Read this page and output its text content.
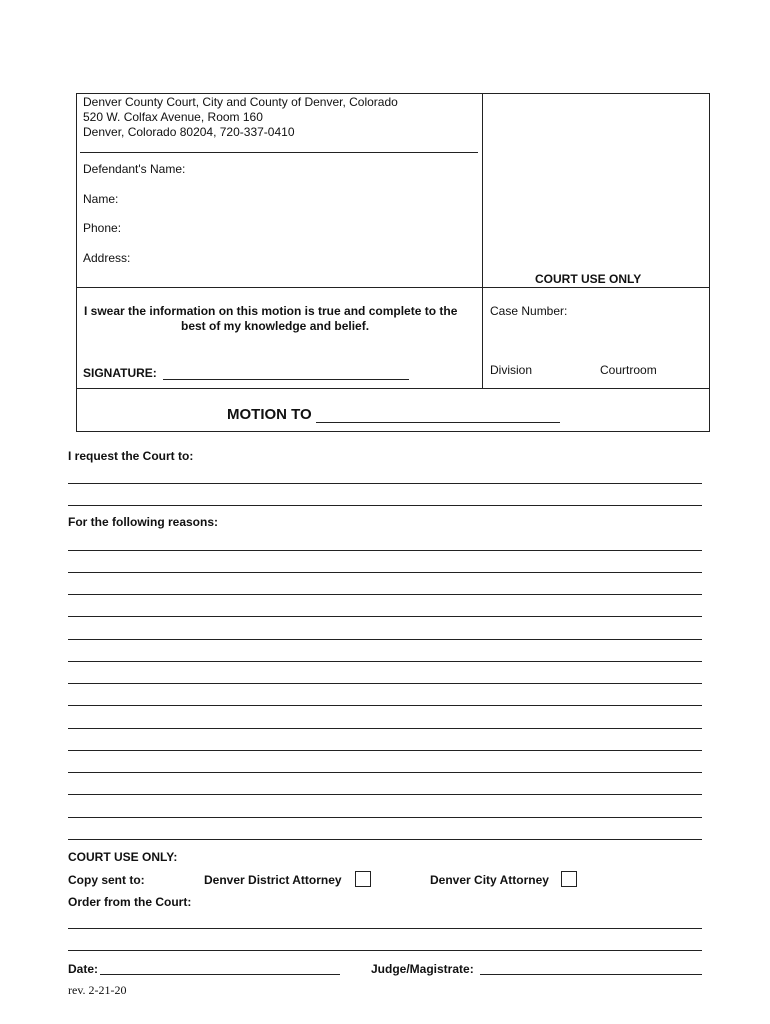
Denver County Court, City and County of Denver, Colorado
520 W. Colfax Avenue, Room 160
Denver, Colorado 80204, 720-337-0410
Defendant's Name:
Name:
Phone:
Address:
COURT USE ONLY
I swear the information on this motion is true and complete to the
best of my knowledge and belief.
SIGNATURE:
Case Number:
Division	Courtroom
MOTION TO
I request the Court to:
For the following reasons:
COURT USE ONLY:
Copy sent to:	Denver District Attorney	Denver City Attorney
Order from the Court:
Date:	Judge/Magistrate:
rev. 2-21-20
